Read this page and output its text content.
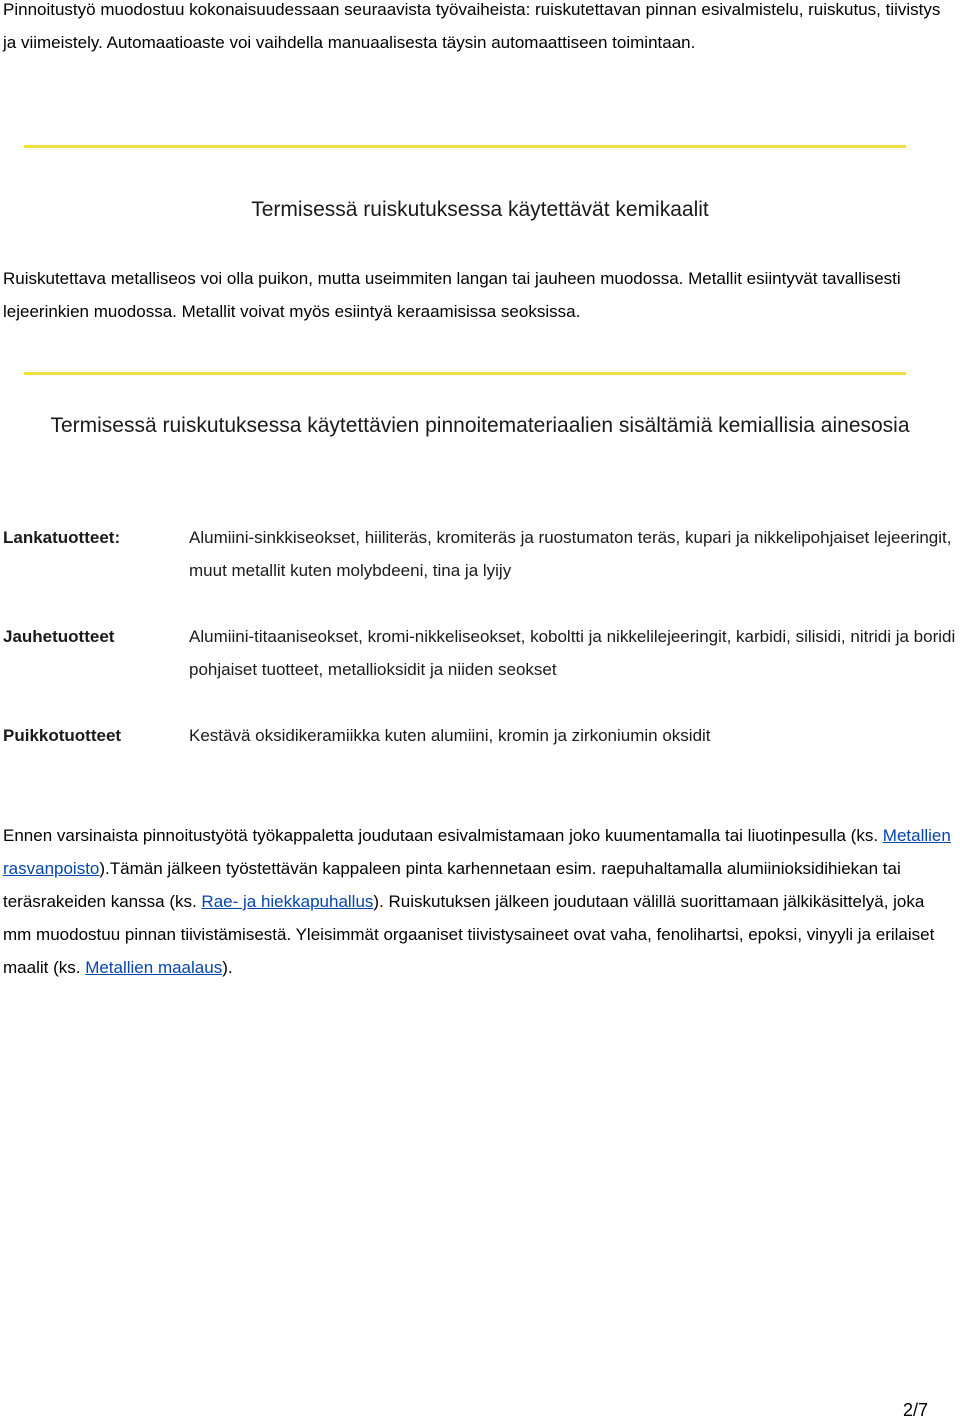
Pinnoitustyö muodostuu kokonaisuudessaan seuraavista työvaiheista: ruiskutettavan pinnan esivalmistelu, ruiskutus, tiivistys ja viimeistely. Automaatioaste voi vaihdella manuaalisesta täysin automaattiseen toimintaan.

Termisessä ruiskutuksessa käytettävät kemikaalit

Ruiskutettava metalliseos voi olla puikon, mutta useimmiten langan tai jauheen muodossa. Metallit esiintyvät tavallisesti lejeerinkien muodossa. Metallit voivat myös esiintyä keraamisissa seoksissa.

Termisessä ruiskutuksessa käytettävien pinnoitemateriaalien sisältämiä kemiallisia ainesosia
Lankatuotteet:	Alumiini-sinkkiseokset, hiiliteräs, kromiteräs ja ruostumaton teräs, kupari ja nikkelipohjaiset lejeeringit, muut metallit kuten molybdeeni, tina ja lyijy
Jauhetuotteet	Alumiini-titaaniseokset, kromi-nikkeliseokset, koboltti ja nikkelilejeeringit, karbidi, silisidi, nitridi ja boridi pohjaiset tuotteet, metallioksidit ja niiden seokset
Puikkotuotteet	Kestävä oksidikeramiikka kuten alumiini, kromin ja zirkoniumin oksidit

Ennen varsinaista pinnoitustyötä työkappaletta joudutaan esivalmistamaan joko kuumentamalla tai liuotinpesulla (ks. Metallien rasvanpoisto).Tämän jälkeen työstettävän kappaleen pinta karhennetaan esim. raepuhaltamalla alumiinioksidihiekan tai teräsrakeiden kanssa (ks. Rae- ja hiekkapuhallus). Ruiskutuksen jälkeen joudutaan välillä suorittamaan jälkikäsittelyä, joka mm muodostuu pinnan tiivistämisestä. Yleisimmät orgaaniset tiivistysaineet ovat vaha, fenolihartsi, epoksi, vinyyli ja erilaiset maalit (ks. Metallien maalaus).

2/7
